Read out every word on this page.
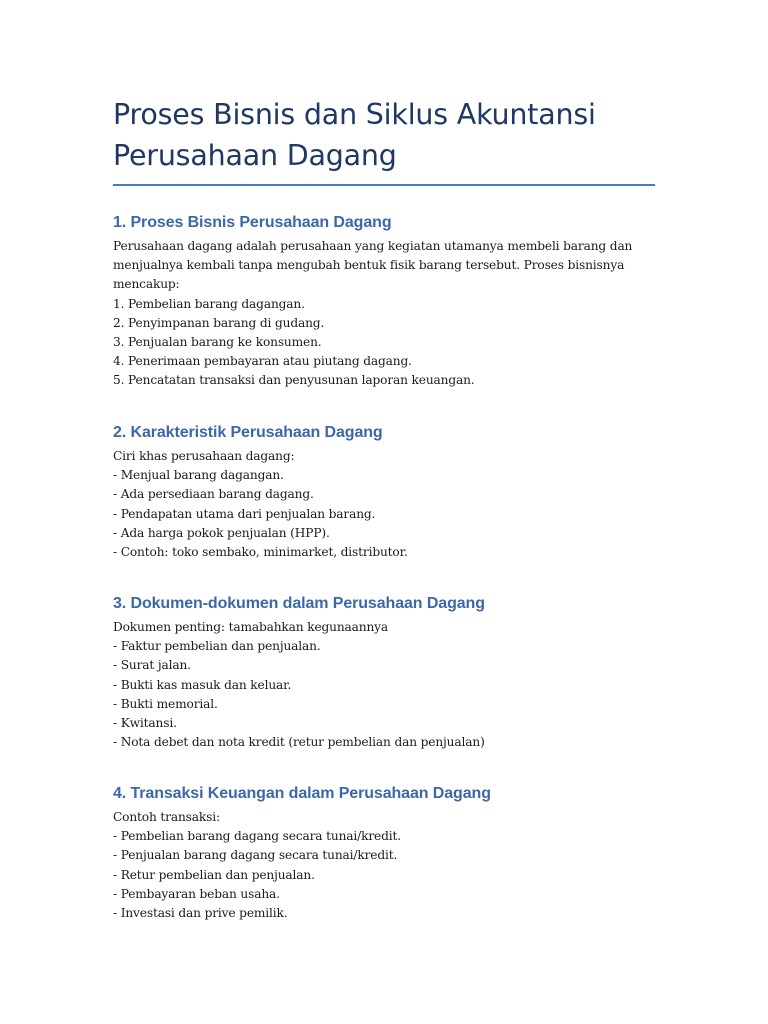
Proses Bisnis dan Siklus Akuntansi
Perusahaan Dagang
1. Proses Bisnis Perusahaan Dagang
Perusahaan dagang adalah perusahaan yang kegiatan utamanya membeli barang dan
menjualnya kembali tanpa mengubah bentuk fisik barang tersebut. Proses bisnisnya
mencakup:
1. Pembelian barang dagangan.
2. Penyimpanan barang di gudang.
3. Penjualan barang ke konsumen.
4. Penerimaan pembayaran atau piutang dagang.
5. Pencatatan transaksi dan penyusunan laporan keuangan.
2. Karakteristik Perusahaan Dagang
Ciri khas perusahaan dagang:
- Menjual barang dagangan.
- Ada persediaan barang dagang.
- Pendapatan utama dari penjualan barang.
- Ada harga pokok penjualan (HPP).
- Contoh: toko sembako, minimarket, distributor.
3. Dokumen-dokumen dalam Perusahaan Dagang
Dokumen penting: tamabahkan kegunaannya
- Faktur pembelian dan penjualan.
- Surat jalan.
- Bukti kas masuk dan keluar.
- Bukti memorial.
- Kwitansi.
- Nota debet dan nota kredit (retur pembelian dan penjualan)
4. Transaksi Keuangan dalam Perusahaan Dagang
Contoh transaksi:
- Pembelian barang dagang secara tunai/kredit.
- Penjualan barang dagang secara tunai/kredit.
- Retur pembelian dan penjualan.
- Pembayaran beban usaha.
- Investasi dan prive pemilik.
